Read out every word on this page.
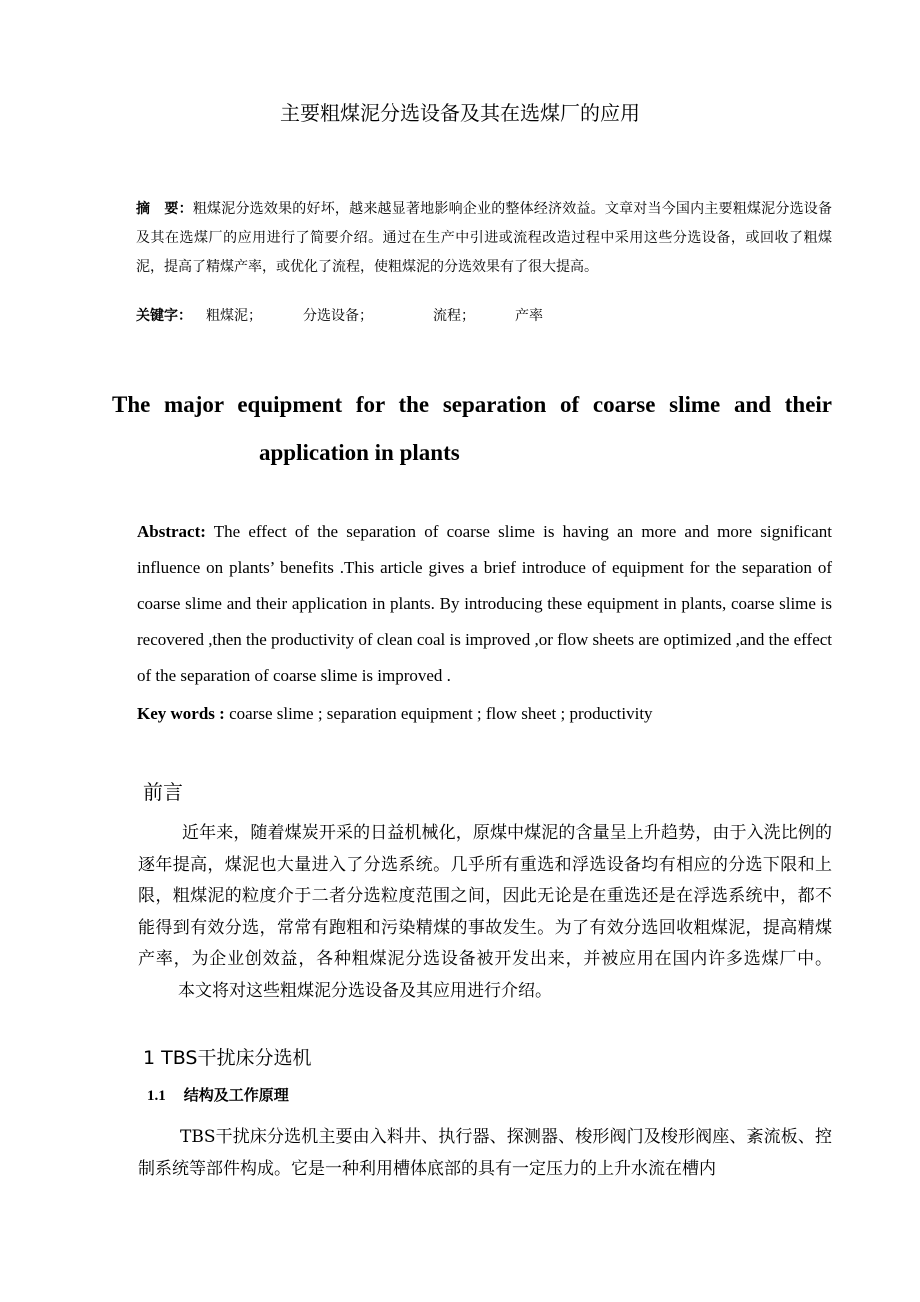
主要粗煤泥分选设备及其在选煤厂的应用
摘　要：粗煤泥分选效果的好坏，越来越显著地影响企业的整体经济效益。文章对当今国内主要粗煤泥分选设备及其在选煤厂的应用进行了简要介绍。通过在生产中引进或流程改造过程中采用这些分选设备，或回收了粗煤泥，提高了精煤产率，或优化了流程，使粗煤泥的分选效果有了很大提高。
关键字： 粗煤泥；	分选设备；	流程；	产率
The major equipment for the separation of coarse slime and their
application in plants
Abstract: The effect of the separation of coarse slime is having an more and more significant influence on plants’ benefits .This article gives a brief introduce of equipment for the separation of coarse slime and their application in plants. By introducing these equipment in plants, coarse slime is recovered ,then the productivity of clean coal is improved ,or flow sheets are optimized ,and the effect of the separation of coarse slime is improved .
Key words : coarse slime ; separation equipment ; flow sheet ; productivity
前言
近年来，随着煤炭开采的日益机械化，原煤中煤泥的含量呈上升趋势，由于入洗比例的逐年提高，煤泥也大量进入了分选系统。几乎所有重选和浮选设备均有相应的分选下限和上限，粗煤泥的粒度介于二者分选粒度范围之间，因此无论是在重选还是在浮选系统中，都不能得到有效分选，常常有跑粗和污染精煤的事故发生。为了有效分选回收粗煤泥，提高精煤产率，为企业创效益，各种粗煤泥分选设备被开发出来，并被应用在国内许多选煤厂中。本文将对这些粗煤泥分选设备及其应用进行介绍。
1 TBS干扰床分选机
1.1 结构及工作原理
TBS干扰床分选机主要由入料井、执行器、探测器、梭形阀门及梭形阀座、紊流板、控制系统等部件构成。它是一种利用槽体底部的具有一定压力的上升水流在槽内
